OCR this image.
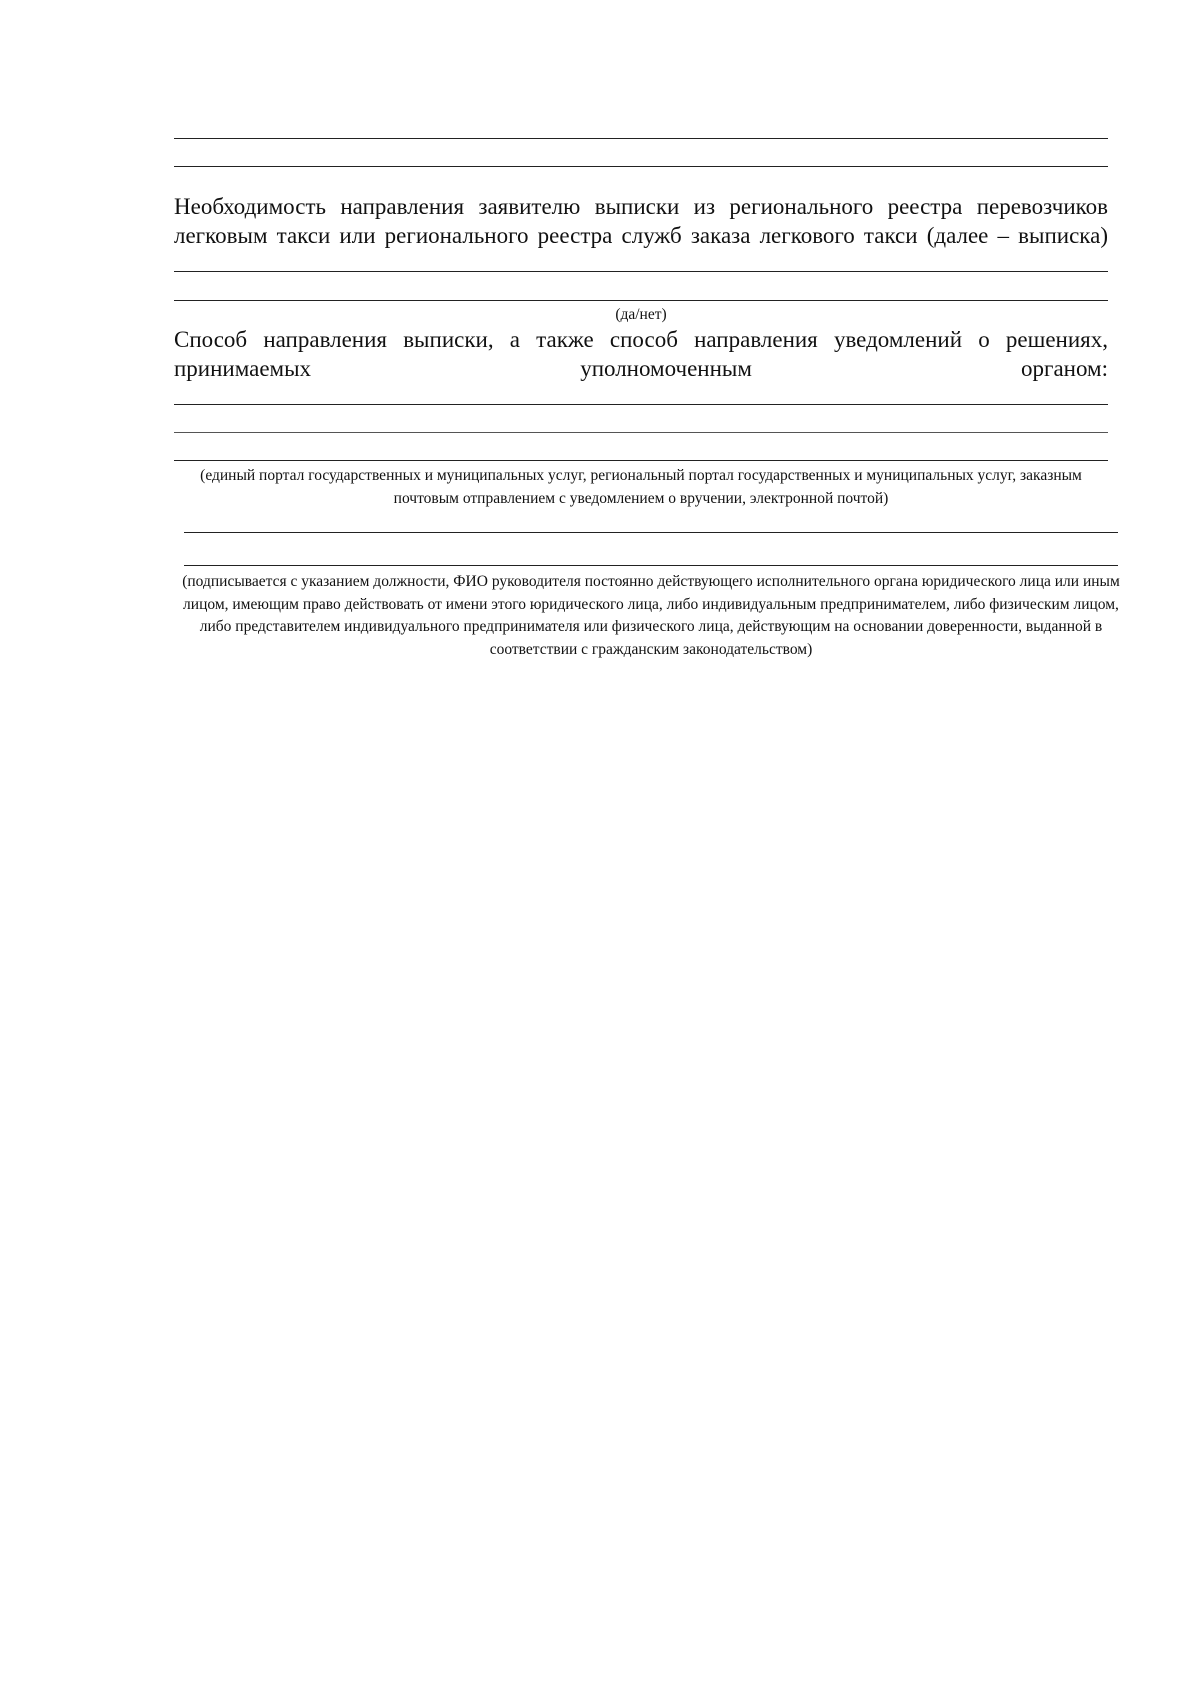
Необходимость направления заявителю выписки из регионального реестра перевозчиков легковым такси или регионального реестра служб заказа легкового такси (далее – выписка)

(да/нет)

Способ направления выписки, а также способ направления уведомлений о решениях, принимаемых уполномоченным органом:

(единый портал государственных и муниципальных услуг, региональный портал государственных и муниципальных услуг, заказным почтовым отправлением с уведомлением о вручении, электронной почтой)

(подписывается с указанием должности, ФИО руководителя постоянно действующего исполнительного органа юридического лица или иным лицом, имеющим право действовать от имени этого юридического лица, либо индивидуальным предпринимателем, либо физическим лицом, либо представителем индивидуального предпринимателя или физического лица, действующим на основании доверенности, выданной в соответствии с гражданским законодательством)
